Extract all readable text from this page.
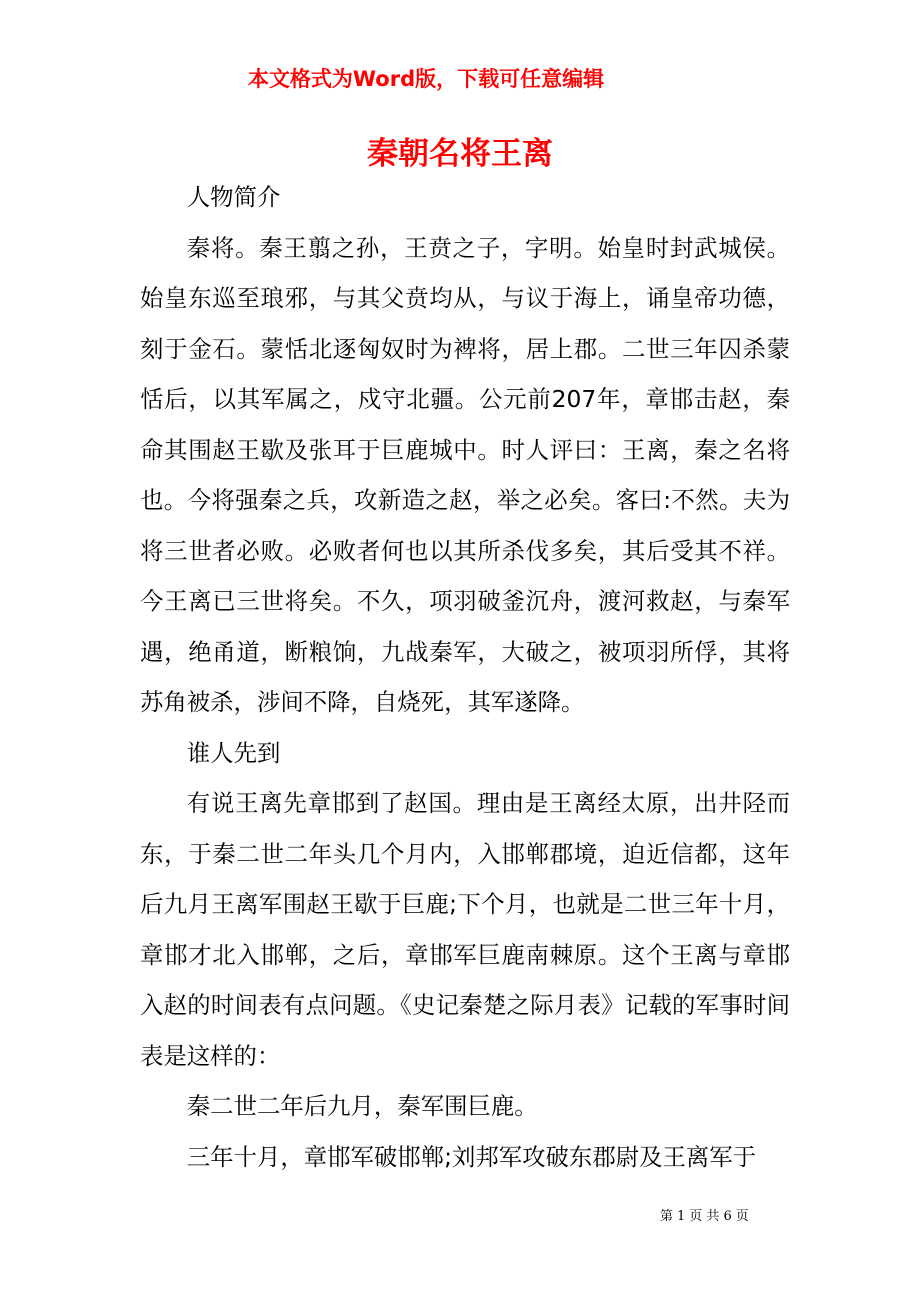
本文格式为Word版，下载可任意编辑
秦朝名将王离

人物简介

秦将。秦王翦之孙，王贲之子，字明。始皇时封武城侯。始皇东巡至琅邪，与其父贲均从，与议于海上，诵皇帝功德，刻于金石。蒙恬北逐匈奴时为裨将，居上郡。二世三年囚杀蒙恬后，以其军属之，戍守北疆。公元前207年，章邯击赵，秦命其围赵王歇及张耳于巨鹿城中。时人评曰：王离，秦之名将也。今将强秦之兵，攻新造之赵，举之必矣。客曰:不然。夫为将三世者必败。必败者何也以其所杀伐多矣，其后受其不祥。今王离已三世将矣。不久，项羽破釜沉舟，渡河救赵，与秦军遇，绝甬道，断粮饷，九战秦军，大破之，被项羽所俘，其将苏角被杀，涉间不降，自烧死，其军遂降。

谁人先到

有说王离先章邯到了赵国。理由是王离经太原，出井陉而东，于秦二世二年头几个月内，入邯郸郡境，迫近信都，这年后九月王离军围赵王歇于巨鹿;下个月，也就是二世三年十月，章邯才北入邯郸，之后，章邯军巨鹿南棘原。这个王离与章邯入赵的时间表有点问题。《史记秦楚之际月表》记载的军事时间表是这样的：

秦二世二年后九月，秦军围巨鹿。

三年十月，章邯军破邯郸;刘邦军攻破东郡尉及王离军于

第 1 页 共 6 页
